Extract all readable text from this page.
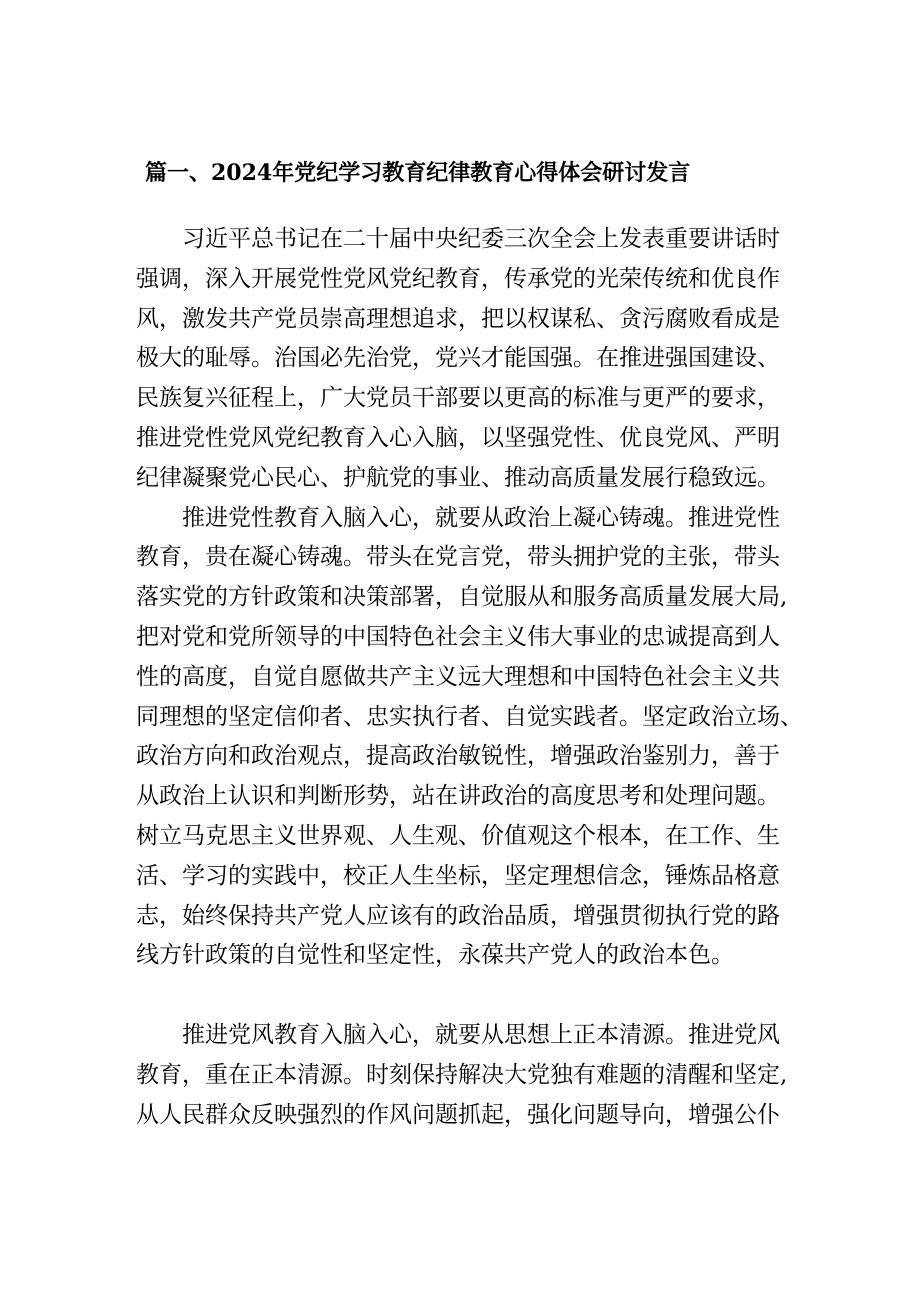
篇一、2024年党纪学习教育纪律教育心得体会研讨发言
习近平总书记在二十届中央纪委三次全会上发表重要讲话时
强调，深入开展党性党风党纪教育，传承党的光荣传统和优良作
风，激发共产党员崇高理想追求，把以权谋私、贪污腐败看成是
极大的耻辱。治国必先治党，党兴才能国强。在推进强国建设、
民族复兴征程上，广大党员干部要以更高的标准与更严的要求，
推进党性党风党纪教育入心入脑，以坚强党性、优良党风、严明
纪律凝聚党心民心、护航党的事业、推动高质量发展行稳致远。
推进党性教育入脑入心，就要从政治上凝心铸魂。推进党性
教育，贵在凝心铸魂。带头在党言党，带头拥护党的主张，带头
落实党的方针政策和决策部署，自觉服从和服务高质量发展大局,
把对党和党所领导的中国特色社会主义伟大事业的忠诚提高到人
性的高度，自觉自愿做共产主义远大理想和中国特色社会主义共
同理想的坚定信仰者、忠实执行者、自觉实践者。坚定政治立场、
政治方向和政治观点，提高政治敏锐性，增强政治鉴别力，善于
从政治上认识和判断形势，站在讲政治的高度思考和处理问题。
树立马克思主义世界观、人生观、价值观这个根本，在工作、生
活、学习的实践中，校正人生坐标，坚定理想信念，锤炼品格意
志，始终保持共产党人应该有的政治品质，增强贯彻执行党的路
线方针政策的自觉性和坚定性，永葆共产党人的政治本色。
推进党风教育入脑入心，就要从思想上正本清源。推进党风
教育，重在正本清源。时刻保持解决大党独有难题的清醒和坚定,
从人民群众反映强烈的作风问题抓起，强化问题导向，增强公仆
